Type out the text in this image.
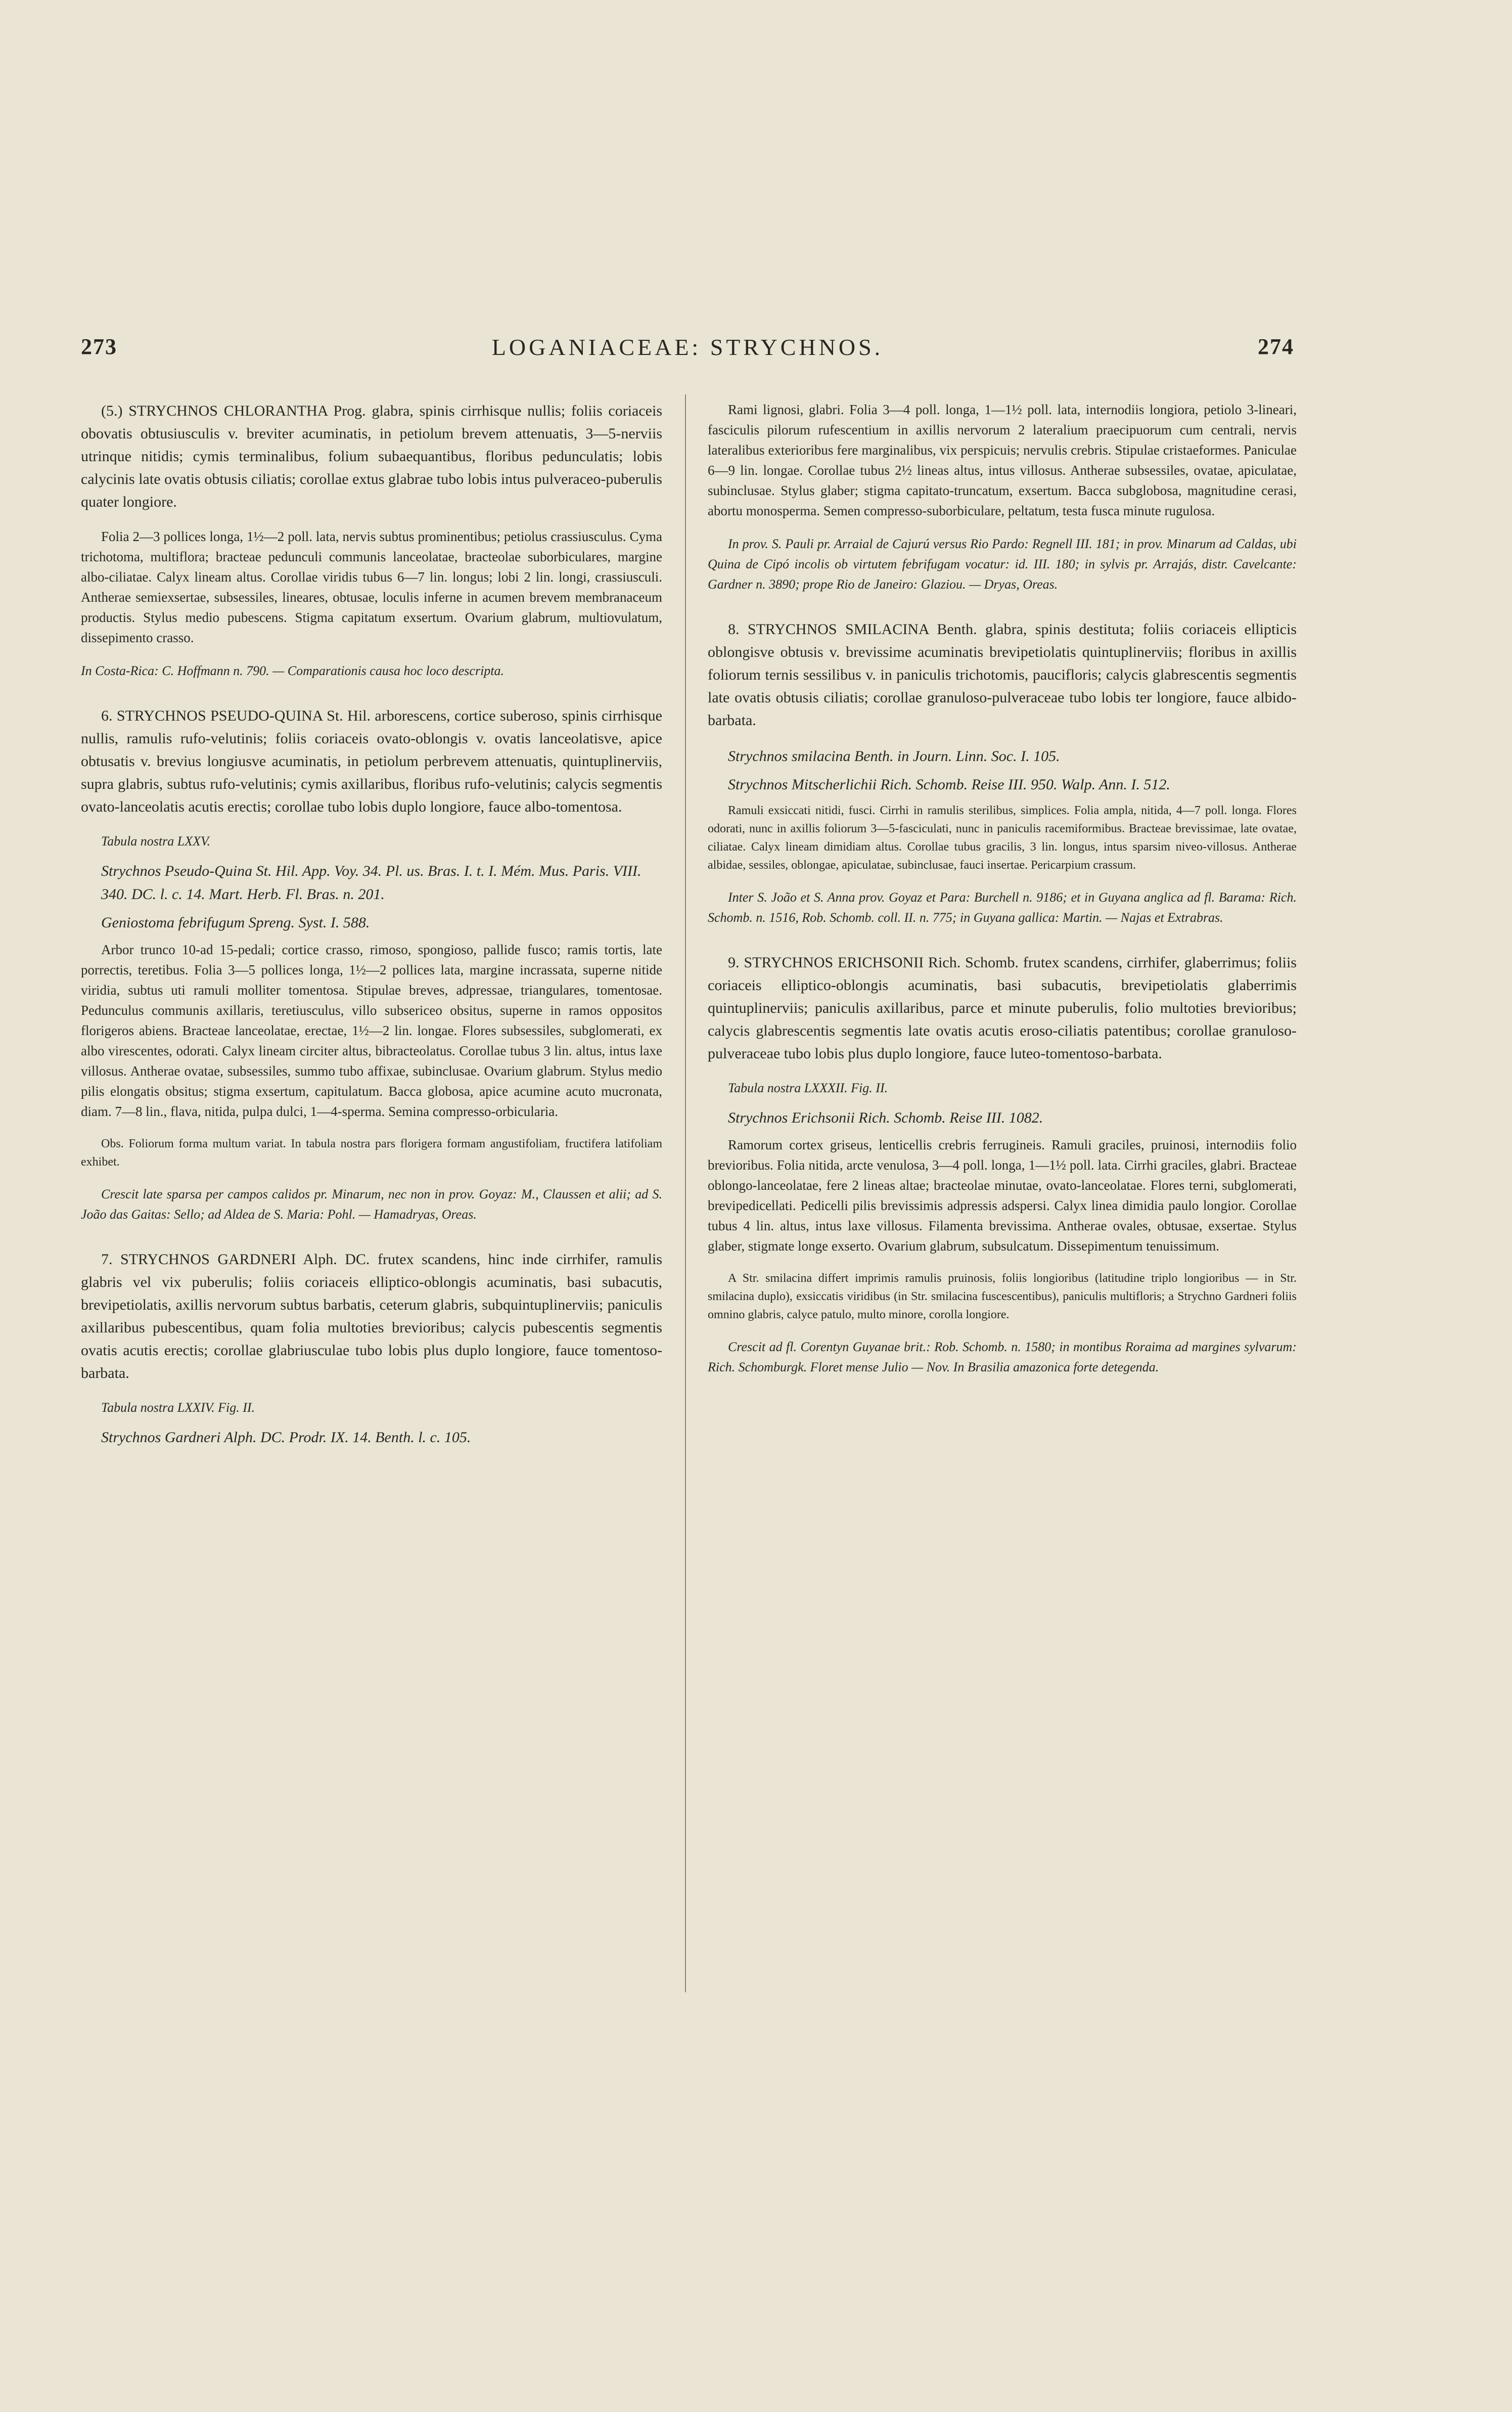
273	LOGANIACEAE: STRYCHNOS.	274

(5.) STRYCHNOS CHLORANTHA Prog. glabra, spinis cirrhisque nullis; foliis coriaceis obovatis obtusiusculis v. breviter acuminatis, in petiolum brevem attenuatis, 3—5-nerviis utrinque nitidis; cymis terminalibus, folium subaequantibus, floribus pedunculatis; lobis calycinis late ovatis obtusis ciliatis; corollae extus glabrae tubo lobis intus pulveraceo-puberulis quater longiore.

Folia 2—3 pollices longa, 1½—2 poll. lata, nervis subtus prominentibus; petiolus crassiusculus. Cyma trichotoma, multiflora; bracteae pedunculi communis lanceolatae, bracteolae suborbiculares, margine albo-ciliatae. Calyx lineam altus. Corollae viridis tubus 6—7 lin. longus; lobi 2 lin. longi, crassiusculi. Antherae semiexsertae, subsessiles, lineares, obtusae, loculis inferne in acumen brevem membranaceum productis. Stylus medio pubescens. Stigma capitatum exsertum. Ovarium glabrum, multiovulatum, dissepimento crasso.

In Costa-Rica: C. Hoffmann n. 790. — Comparationis causa hoc loco descripta.

6. STRYCHNOS PSEUDO-QUINA St. Hil. arborescens, cortice suberoso, spinis cirrhisque nullis, ramulis rufo-velutinis; foliis coriaceis ovato-oblongis v. ovatis lanceolatisve, apice obtusatis v. brevius longiusve acuminatis, in petiolum perbrevem attenuatis, quintuplinerviis, supra glabris, subtus rufo-velutinis; cymis axillaribus, floribus rufo-velutinis; calycis segmentis ovato-lanceolatis acutis erectis; corollae tubo lobis duplo longiore, fauce albo-tomentosa.

Tabula nostra LXXV.

Strychnos Pseudo-Quina St. Hil. App. Voy. 34. Pl. us. Bras. I. t. I. Mém. Mus. Paris. VIII. 340. DC. l. c. 14. Mart. Herb. Fl. Bras. n. 201.

Geniostoma febrifugum Spreng. Syst. I. 588.

Arbor trunco 10-ad 15-pedali; cortice crasso, rimoso, spongioso, pallide fusco; ramis tortis, late porrectis, teretibus. Folia 3—5 pollices longa, 1½—2 pollices lata, margine incrassata, superne nitide viridia, subtus uti ramuli molliter tomentosa. Stipulae breves, adpressae, triangulares, tomentosae. Pedunculus communis axillaris, teretiusculus, villo subsericeo obsitus, superne in ramos oppositos florigeros abiens. Bracteae lanceolatae, erectae, 1½—2 lin. longae. Flores subsessiles, subglomerati, ex albo virescentes, odorati. Calyx lineam circiter altus, bibracteolatus. Corollae tubus 3 lin. altus, intus laxe villosus. Antherae ovatae, subsessiles, summo tubo affixae, subinclusae. Ovarium glabrum. Stylus medio pilis elongatis obsitus; stigma exsertum, capitulatum. Bacca globosa, apice acumine acuto mucronata, diam. 7—8 lin., flava, nitida, pulpa dulci, 1—4-sperma. Semina compresso-orbicularia.

Obs. Foliorum forma multum variat. In tabula nostra pars florigera formam angustifoliam, fructifera latifoliam exhibet.

Crescit late sparsa per campos calidos pr. Minarum, nec non in prov. Goyaz: M., Claussen et alii; ad S. João das Gaitas: Sello; ad Aldea de S. Maria: Pohl. — Hamadryas, Oreas.

7. STRYCHNOS GARDNERI Alph. DC. frutex scandens, hinc inde cirrhifer, ramulis glabris vel vix puberulis; foliis coriaceis elliptico-oblongis acuminatis, basi subacutis, brevipetiolatis, axillis nervorum subtus barbatis, ceterum glabris, subquintuplinerviis; paniculis axillaribus pubescentibus, quam folia multoties brevioribus; calycis pubescentis segmentis ovatis acutis erectis; corollae glabriusculae tubo lobis plus duplo longiore, fauce tomentoso-barbata.

Tabula nostra LXXIV. Fig. II.

Strychnos Gardneri Alph. DC. Prodr. IX. 14. Benth. l. c. 105.

Rami lignosi, glabri. Folia 3—4 poll. longa, 1—1½ poll. lata, internodiis longiora, petiolo 3-lineari, fasciculis pilorum rufescentium in axillis nervorum 2 lateralium praecipuorum cum centrali, nervis lateralibus exterioribus fere marginalibus, vix perspicuis; nervulis crebris. Stipulae cristaeformes. Paniculae 6—9 lin. longae. Corollae tubus 2½ lineas altus, intus villosus. Antherae subsessiles, ovatae, apiculatae, subinclusae. Stylus glaber; stigma capitato-truncatum, exsertum. Bacca subglobosa, magnitudine cerasi, abortu monosperma. Semen compresso-suborbiculare, peltatum, testa fusca minute rugulosa.

In prov. S. Pauli pr. Arraial de Cajurú versus Rio Pardo: Regnell III. 181; in prov. Minarum ad Caldas, ubi Quina de Cipó incolis ob virtutem febrifugam vocatur: id. III. 180; in sylvis pr. Arrajás, distr. Cavelcante: Gardner n. 3890; prope Rio de Janeiro: Glaziou. — Dryas, Oreas.

8. STRYCHNOS SMILACINA Benth. glabra, spinis destituta; foliis coriaceis ellipticis oblongisve obtusis v. brevissime acuminatis brevipetiolatis quintuplinerviis; floribus in axillis foliorum ternis sessilibus v. in paniculis trichotomis, paucifloris; calycis glabrescentis segmentis late ovatis obtusis ciliatis; corollae granuloso-pulveraceae tubo lobis ter longiore, fauce albido-barbata.

Strychnos smilacina Benth. in Journ. Linn. Soc. I. 105.

Strychnos Mitscherlichii Rich. Schomb. Reise III. 950. Walp. Ann. I. 512.

Ramuli exsiccati nitidi, fusci. Cirrhi in ramulis sterilibus, simplices. Folia ampla, nitida, 4—7 poll. longa. Flores odorati, nunc in axillis foliorum 3—5-fasciculati, nunc in paniculis racemiformibus. Bracteae brevissimae, late ovatae, ciliatae. Calyx lineam dimidiam altus. Corollae tubus gracilis, 3 lin. longus, intus sparsim niveo-villosus. Antherae albidae, sessiles, oblongae, apiculatae, subinclusae, fauci insertae. Pericarpium crassum.

Inter S. João et S. Anna prov. Goyaz et Para: Burchell n. 9186; et in Guyana anglica ad fl. Barama: Rich. Schomb. n. 1516, Rob. Schomb. coll. II. n. 775; in Guyana gallica: Martin. — Najas et Extrabras.

9. STRYCHNOS ERICHSONII Rich. Schomb. frutex scandens, cirrhifer, glaberrimus; foliis coriaceis elliptico-oblongis acuminatis, basi subacutis, brevipetiolatis glaberrimis quintuplinerviis; paniculis axillaribus, parce et minute puberulis, folio multoties brevioribus; calycis glabrescentis segmentis late ovatis acutis eroso-ciliatis patentibus; corollae granuloso-pulveraceae tubo lobis plus duplo longiore, fauce luteo-tomentoso-barbata.

Tabula nostra LXXXII. Fig. II.

Strychnos Erichsonii Rich. Schomb. Reise III. 1082.

Ramorum cortex griseus, lenticellis crebris ferrugineis. Ramuli graciles, pruinosi, internodiis folio brevioribus. Folia nitida, arcte venulosa, 3—4 poll. longa, 1—1½ poll. lata. Cirrhi graciles, glabri. Bracteae oblongo-lanceolatae, fere 2 lineas altae; bracteolae minutae, ovato-lanceolatae. Flores terni, subglomerati, brevipedicellati. Pedicelli pilis brevissimis adpressis adspersi. Calyx linea dimidia paulo longior. Corollae tubus 4 lin. altus, intus laxe villosus. Filamenta brevissima. Antherae ovales, obtusae, exsertae. Stylus glaber, stigmate longe exserto. Ovarium glabrum, subsulcatum. Dissepimentum tenuissimum.

A Str. smilacina differt imprimis ramulis pruinosis, foliis longioribus (latitudine triplo longioribus — in Str. smilacina duplo), exsiccatis viridibus (in Str. smilacina fuscescentibus), paniculis multifloris; a Strychno Gardneri foliis omnino glabris, calyce patulo, multo minore, corolla longiore.

Crescit ad fl. Corentyn Guyanae brit.: Rob. Schomb. n. 1580; in montibus Roraima ad margines sylvarum: Rich. Schomburgk. Floret mense Julio — Nov. In Brasilia amazonica forte detegenda.
